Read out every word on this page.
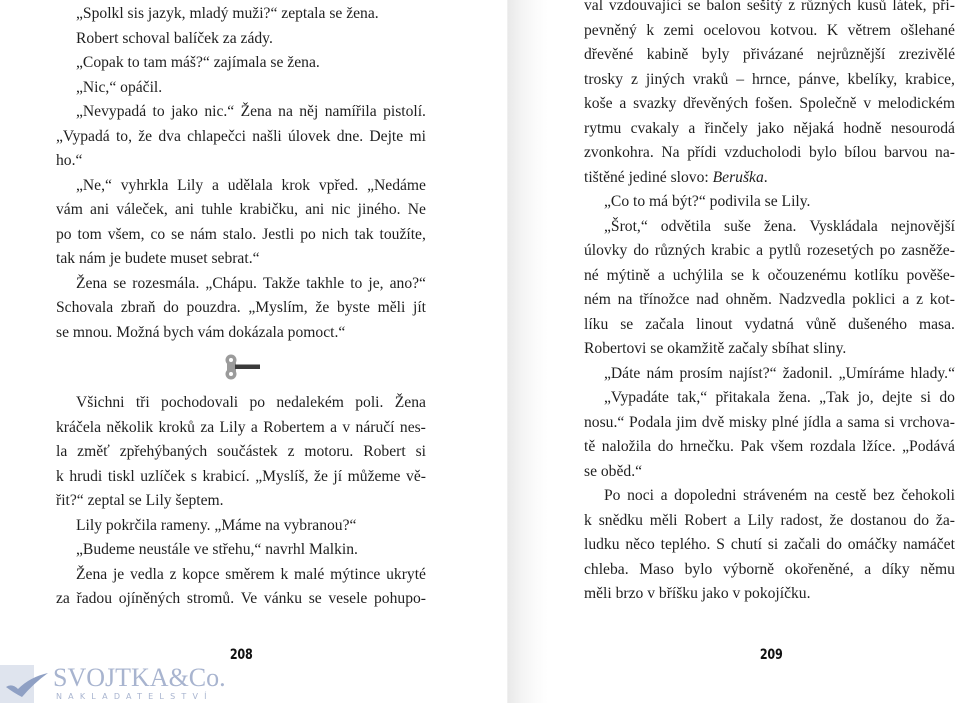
„Spolkl sis jazyk, mladý muži?“ zeptala se žena.
Robert schoval balíček za zády.
„Copak to tam máš?“ zajímala se žena.
„Nic,“ opáčil.
„Nevypadá to jako nic.“ Žena na něj namířila pistolí.
„Vypadá to, že dva chlapečci našli úlovek dne. Dejte mi
ho.“
„Ne,“ vyhrkla Lily a udělala krok vpřed. „Nedáme
vám ani váleček, ani tuhle krabičku, ani nic jiného. Ne
po tom všem, co se nám stalo. Jestli po nich tak toužíte,
tak nám je budete muset sebrat.“
Žena se rozesmála. „Chápu. Takže takhle to je, ano?“
Schovala zbraň do pouzdra. „Myslím, že byste měli jít
se mnou. Možná bych vám dokázala pomoct.“
Všichni tři pochodovali po nedalekém poli. Žena
kráčela několik kroků za Lily a Robertem a v náručí nes-
la změť zpřehýbaných součástek z motoru. Robert si
k hrudi tiskl uzlíček s krabicí. „Myslíš, že jí můžeme vě-
řit?“ zeptal se Lily šeptem.
Lily pokrčila rameny. „Máme na vybranou?“
„Budeme neustále ve střehu,“ navrhl Malkin.
Žena je vedla z kopce směrem k malé mýtince ukryté
za řadou ojíněných stromů. Ve vánku se vesele pohupo-
208
SVOJTKA&Co.
NAKLADATELSTVÍ
val vzdouvající se balon sešitý z různých kusů látek, při-
pevněný k zemi ocelovou kotvou. K větrem ošlehané
dřevěné kabině byly přivázané nejrůznější zrezivělé
trosky z jiných vraků – hrnce, pánve, kbelíky, krabice,
koše a svazky dřevěných fošen. Společně v melodickém
rytmu cvakaly a řinčely jako nějaká hodně nesourodá
zvonkohra. Na přídi vzducholodi bylo bílou barvou na-
tištěné jediné slovo: Beruška.
„Co to má být?“ podivila se Lily.
„Šrot,“ odvětila suše žena. Vyskládala nejnovější
úlovky do různých krabic a pytlů rozesetých po zasněže-
né mýtině a uchýlila se k očouzenému kotlíku pověše-
ném na třínožce nad ohněm. Nadzvedla poklici a z kot-
líku se začala linout vydatná vůně dušeného masa.
Robertovi se okamžitě začaly sbíhat sliny.
„Dáte nám prosím najíst?“ žadonil. „Umíráme hlady.“
„Vypadáte tak,“ přitakala žena. „Tak jo, dejte si do
nosu.“ Podala jim dvě misky plné jídla a sama si vrchova-
tě naložila do hrnečku. Pak všem rozdala lžíce. „Podává
se oběd.“
Po noci a dopoledni stráveném na cestě bez čehokoli
k snědku měli Robert a Lily radost, že dostanou do ža-
ludku něco teplého. S chutí si začali do omáčky namáčet
chleba. Maso bylo výborně okořeněné, a díky němu
měli brzo v bříšku jako v pokojíčku.
209
